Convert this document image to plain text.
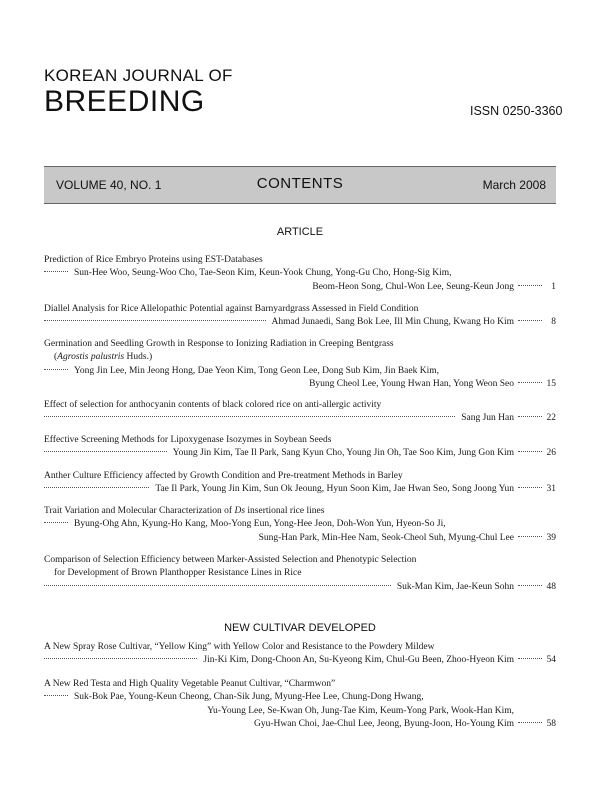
KOREAN JOURNAL OF
BREEDING	ISSN 0250-3360
VOLUME 40, NO. 1	CONTENTS	March 2008
ARTICLE
Prediction of Rice Embryo Proteins using EST-Databases
Sun-Hee Woo, Seung-Woo Cho, Tae-Seon Kim, Keun-Yook Chung, Yong-Gu Cho, Hong-Sig Kim,
Beom-Heon Song, Chul-Won Lee, Seung-Keun Jong	1
Diallel Analysis for Rice Allelopathic Potential against Barnyardgrass Assessed in Field Condition
Ahmad Junaedi, Sang Bok Lee, Ill Min Chung, Kwang Ho Kim	8
Germination and Seedling Growth in Response to Ionizing Radiation in Creeping Bentgrass
(Agrostis palustris Huds.)
Yong Jin Lee, Min Jeong Hong, Dae Yeon Kim, Tong Geon Lee, Dong Sub Kim, Jin Baek Kim,
Byung Cheol Lee, Young Hwan Han, Yong Weon Seo	15
Effect of selection for anthocyanin contents of black colored rice on anti-allergic activity
Sang Jun Han	22
Effective Screening Methods for Lipoxygenase Isozymes in Soybean Seeds
Young Jin Kim, Tae Il Park, Sang Kyun Cho, Young Jin Oh, Tae Soo Kim, Jung Gon Kim	26
Anther Culture Efficiency affected by Growth Condition and Pre-treatment Methods in Barley
Tae Il Park, Young Jin Kim, Sun Ok Jeoung, Hyun Soon Kim, Jae Hwan Seo, Song Joong Yun	31
Trait Variation and Molecular Characterization of Ds insertional rice lines
Byung-Ohg Ahn, Kyung-Ho Kang, Moo-Yong Eun, Yong-Hee Jeon, Doh-Won Yun, Hyeon-So Ji,
Sung-Han Park, Min-Hee Nam, Seok-Cheol Suh, Myung-Chul Lee	39
Comparison of Selection Efficiency between Marker-Assisted Selection and Phenotypic Selection
for Development of Brown Planthopper Resistance Lines in Rice
Suk-Man Kim, Jae-Keun Sohn	48
NEW CULTIVAR DEVELOPED
A New Spray Rose Cultivar, “Yellow King” with Yellow Color and Resistance to the Powdery Mildew
Jin-Ki Kim, Dong-Choon An, Su-Kyeong Kim, Chul-Gu Been, Zhoo-Hyeon Kim	54
A New Red Testa and High Quality Vegetable Peanut Cultivar, “Charmwon”
Suk-Bok Pae, Young-Keun Cheong, Chan-Sik Jung, Myung-Hee Lee, Chung-Dong Hwang,
Yu-Young Lee, Se-Kwan Oh, Jung-Tae Kim, Keum-Yong Park, Wook-Han Kim,
Gyu-Hwan Choi, Jae-Chul Lee, Jeong, Byung-Joon, Ho-Young Kim	58
